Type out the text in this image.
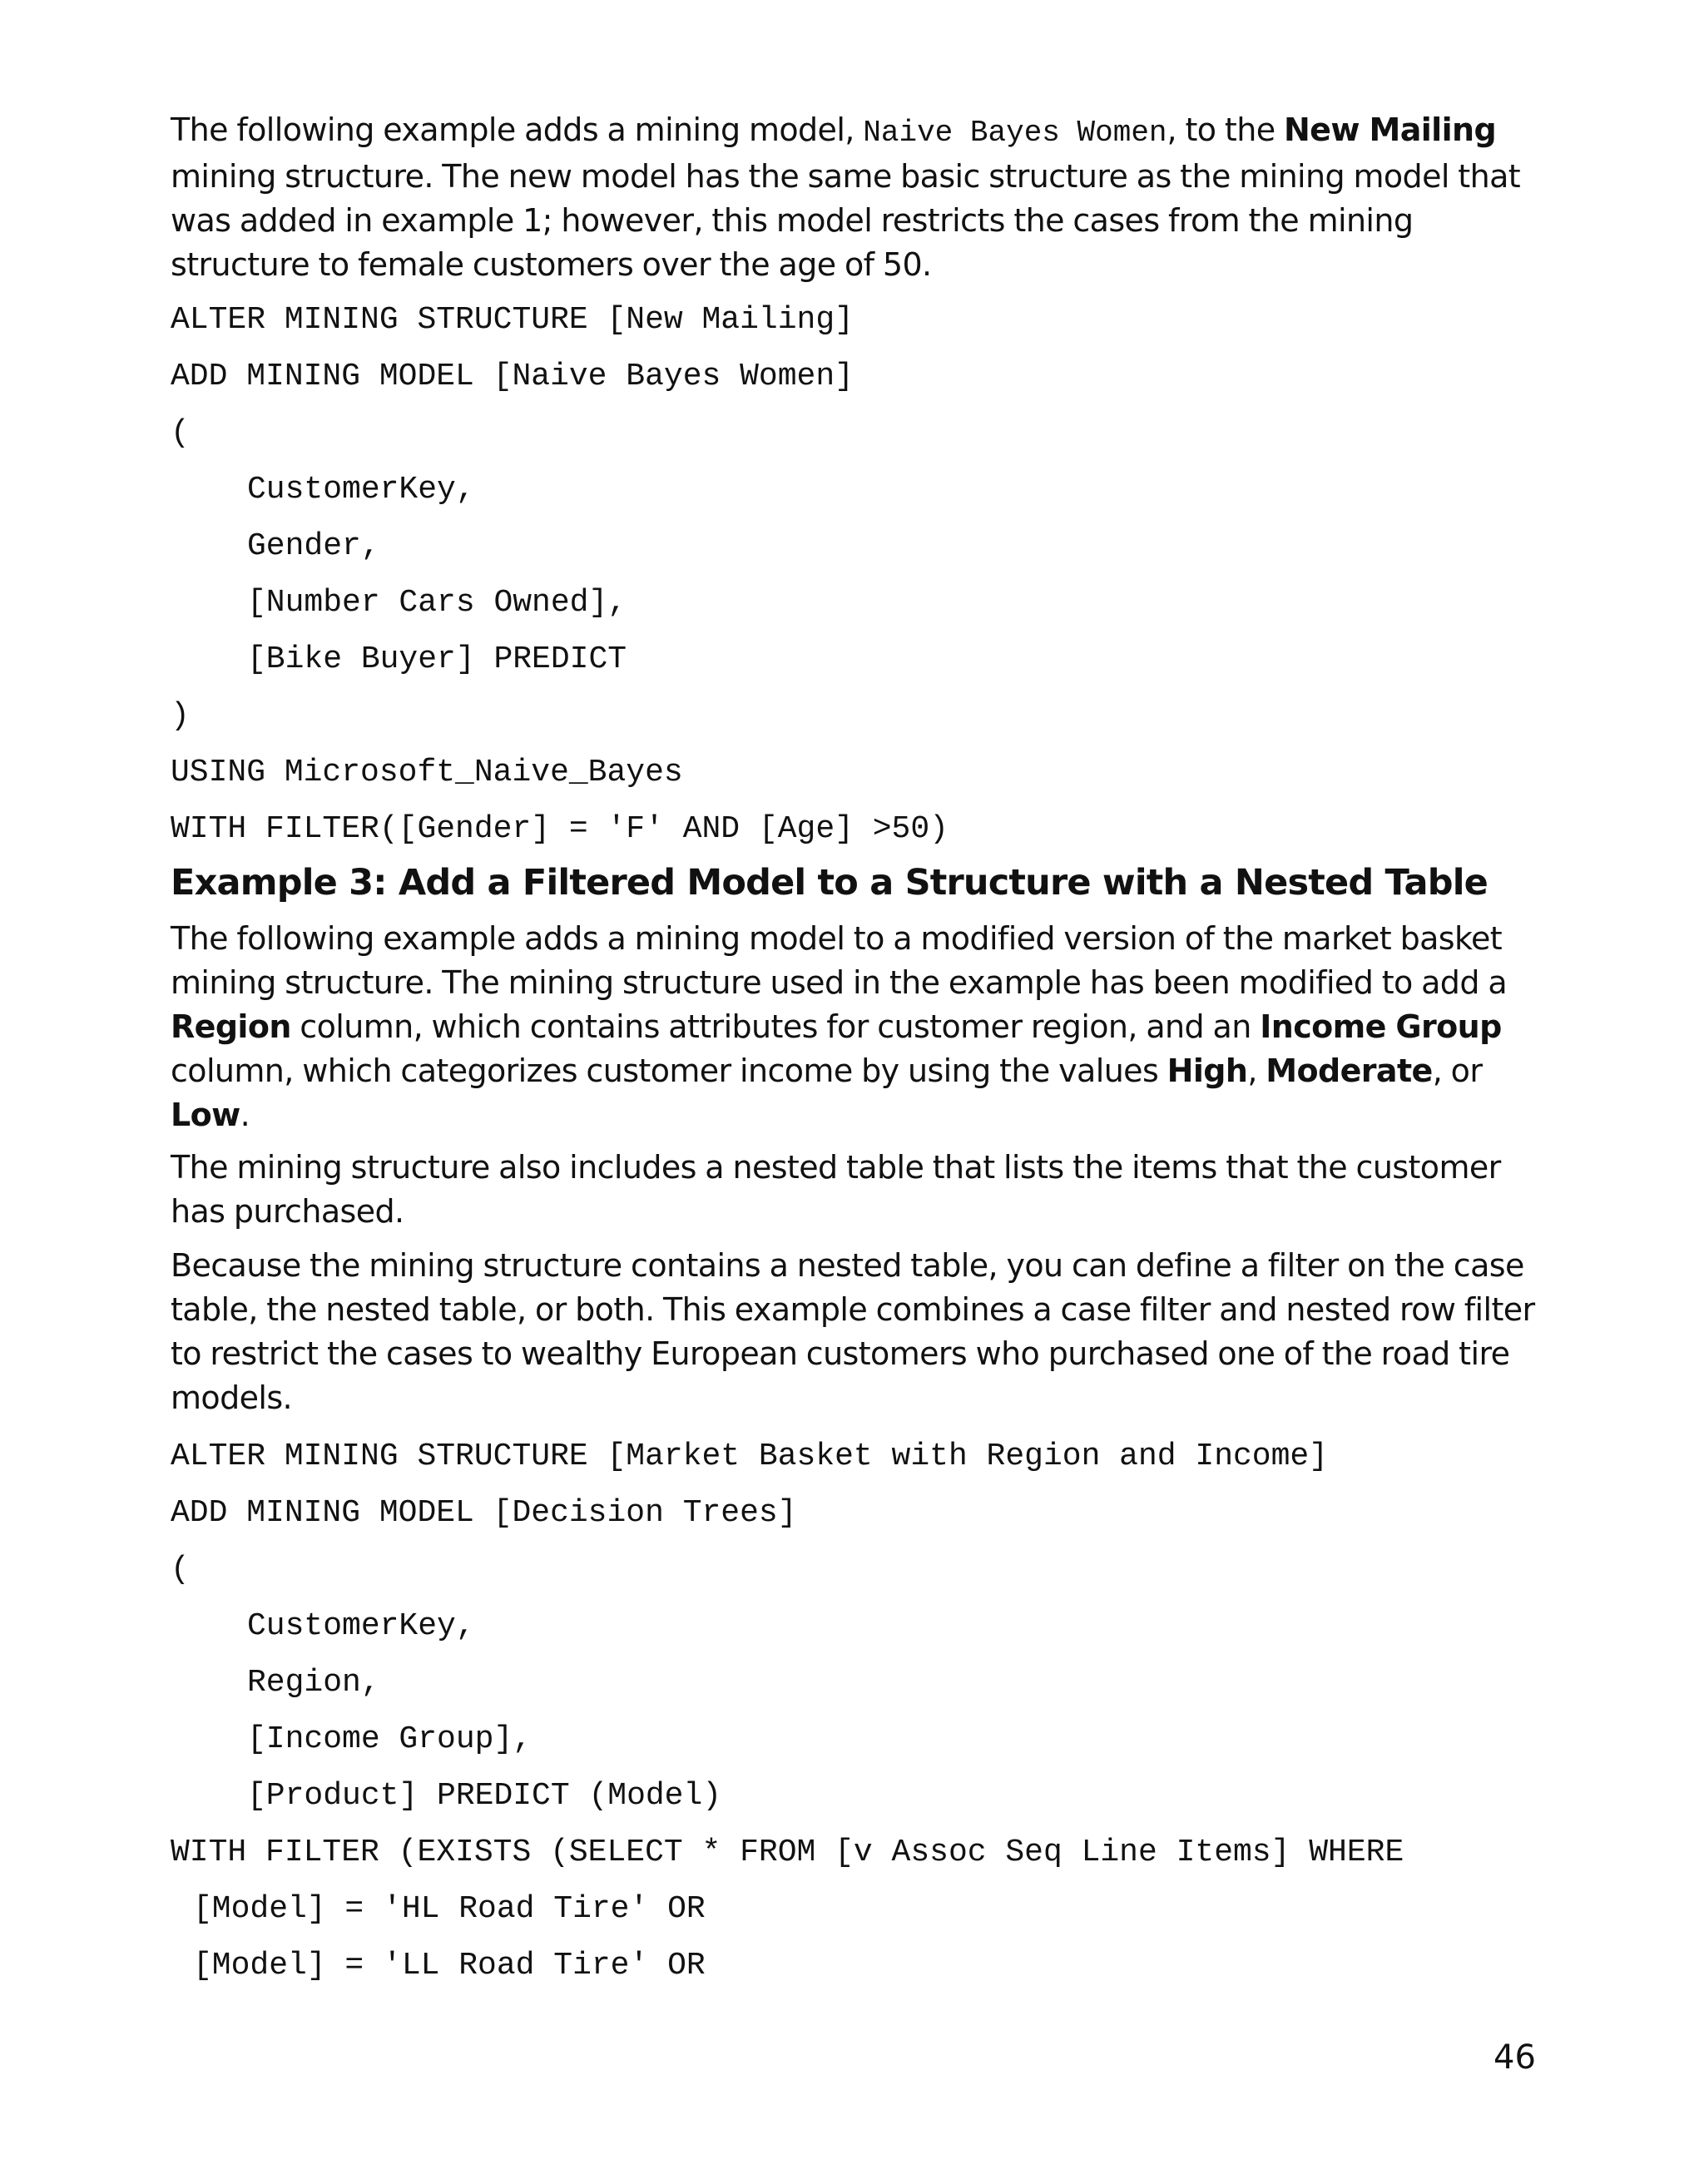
The following example adds a mining model, Naive Bayes Women, to the New Mailing mining structure. The new model has the same basic structure as the mining model that was added in example 1; however, this model restricts the cases from the mining structure to female customers over the age of 50.

ALTER MINING STRUCTURE [New Mailing]
ADD MINING MODEL [Naive Bayes Women]
(
CustomerKey,
Gender,
[Number Cars Owned],
[Bike Buyer] PREDICT
)
USING Microsoft_Naive_Bayes
WITH FILTER([Gender] = 'F' AND [Age] >50)
Example 3: Add a Filtered Model to a Structure with a Nested Table

The following example adds a mining model to a modified version of the market basket mining structure. The mining structure used in the example has been modified to add a Region column, which contains attributes for customer region, and an Income Group column, which categorizes customer income by using the values High, Moderate, or Low.

The mining structure also includes a nested table that lists the items that the customer has purchased.

Because the mining structure contains a nested table, you can define a filter on the case table, the nested table, or both. This example combines a case filter and nested row filter to restrict the cases to wealthy European customers who purchased one of the road tire models.

ALTER MINING STRUCTURE [Market Basket with Region and Income]
ADD MINING MODEL [Decision Trees]
(
CustomerKey,
Region,
[Income Group],
[Product] PREDICT (Model)
WITH FILTER (EXISTS (SELECT * FROM [v Assoc Seq Line Items] WHERE
[Model] = 'HL Road Tire' OR
[Model] = 'LL Road Tire' OR
46
